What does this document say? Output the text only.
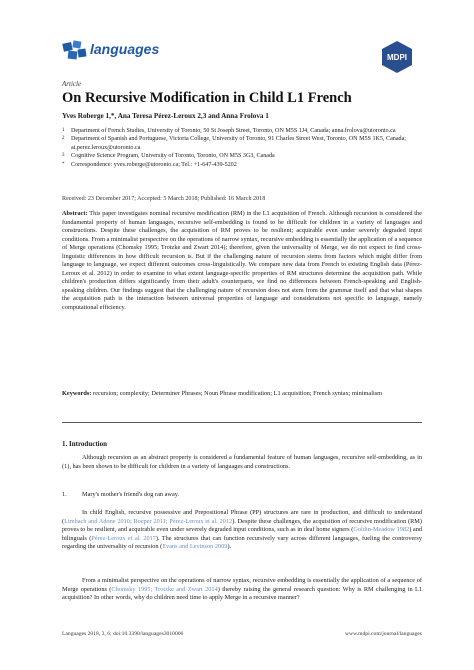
languages
MDPI
Article
On Recursive Modification in Child L1 French
Yves Roberge 1,*, Ana Teresa Pérez-Leroux 2,3 and Anna Frolova 1
1	Department of French Studies, University of Toronto, 50 St Joseph Street, Toronto, ON M5S 1J4, Canada; anna.frolova@utoronto.ca
2	Department of Spanish and Portuguese, Victoria College, University of Toronto, 91 Charles Street West, Toronto, ON M5S 1K5, Canada; at.perez.leroux@utoronto.ca
3	Cognitive Science Program, University of Toronto, Toronto, ON M5S 3G3, Canada
*	Correspondence: yves.roberge@utoronto.ca; Tel.: +1-647-439-5202
Received: 23 December 2017; Accepted: 5 March 2018; Published: 16 March 2018
Abstract: This paper investigates nominal recursive modification (RM) in the L1 acquisition of French. Although recursion is considered the fundamental property of human languages, recursive self-embedding is found to be difficult for children in a variety of languages and constructions. Despite these challenges, the acquisition of RM proves to be resilient; acquirable even under severely degraded input conditions. From a minimalist perspective on the operations of narrow syntax, recursive embedding is essentially the application of a sequence of Merge operations (Chomsky 1995; Trotzke and Zwart 2014); therefore, given the universality of Merge, we do not expect to find cross-linguistic differences in how difficult recursion is. But if the challenging nature of recursion stems from factors which might differ from language to language, we expect different outcomes cross-linguistically. We compare new data from French to existing English data (Pérez-Leroux et al. 2012) in order to examine to what extent language-specific properties of RM structures determine the acquisition path. While children's production differs significantly from their adult's counterparts, we find no differences between French-speaking and English-speaking children. Our findings suggest that the challenging nature of recursion does not stem from the grammar itself and that what shapes the acquisition path is the interaction between universal properties of language and considerations not specific to language, namely computational efficiency.
Keywords: recursion; complexity; Determiner Phrases; Noun Phrase modification; L1 acquisition; French syntax; minimalism
1. Introduction
Although recursion as an abstract property is considered a fundamental feature of human languages, recursive self-embedding, as in (1), has been shown to be difficult for children in a variety of languages and constructions.
1. Mary's mother's friend's dog ran away.
In child English, recursive possessive and Prepositional Phrase (PP) structures are rare in production, and difficult to understand (Limbach and Adone 2010; Roeper 2011; Pérez-Leroux et al. 2012). Despite these challenges, the acquisition of recursive modification (RM) proves to be resilient, and acquirable even under severely degraded input conditions, such as in deaf home signers (Goldin-Meadow 1982) and bilinguals (Pérez-Leroux et al. 2017). The structures that can function recursively vary across different languages, fueling the controversy regarding the universality of recursion (Evans and Levinson 2009).
From a minimalist perspective on the operations of narrow syntax, recursive embedding is essentially the application of a sequence of Merge operations (Chomsky 1995; Trotzke and Zwart 2014) thereby raising the general research question: Why is RM challenging in L1 acquisition? In other words, why do children need time to apply Merge in a recursive manner?
Languages 2018, 3, 6; doi:10.3390/languages3010006	www.mdpi.com/journal/languages
